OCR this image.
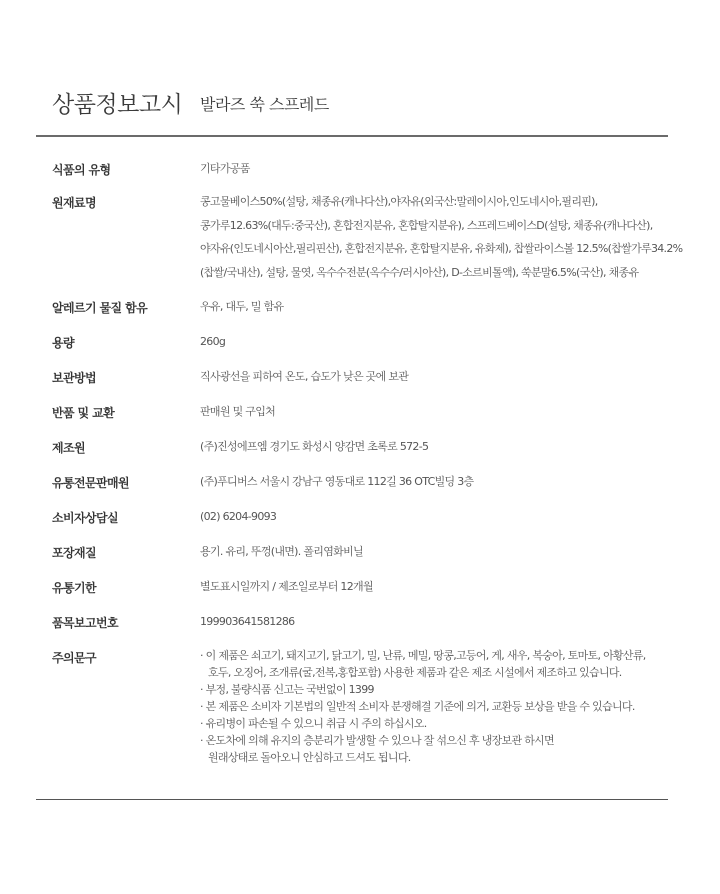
상품정보고시 발라즈 쑥 스프레드
식품의 유형	기타가공품
원재료명	콩고물베이스50%(설탕, 채종유(캐나다산),야자유(외국산:말레이시아,인도네시아,필리핀),
콩가루12.63%(대두:중국산), 혼합전지분유, 혼합탈지분유), 스프레드베이스D(설탕, 채종유(캐나다산),
야자유(인도네시아산,필리핀산), 혼합전지분유, 혼합탈지분유, 유화제), 찹쌀라이스볼 12.5%(찹쌀가루34.2%
(찹쌀/국내산), 설탕, 물엿, 옥수수전분(옥수수/러시아산), D-소르비톨액), 쑥분말6.5%(국산), 채종유
알레르기 물질 함유	우유, 대두, 밀 함유
용량	260g
보관방법	직사광선을 피하여 온도, 습도가 낮은 곳에 보관
반품 및 교환	판매원 및 구입처
제조원	(주)진성에프엠 경기도 화성시 양감면 초록로 572-5
유통전문판매원	(주)푸디버스 서울시 강남구 영동대로 112길 36 OTC빌딩 3층
소비자상담실	(02) 6204-9093
포장재질	용기. 유리, 뚜껑(내면). 폴리염화비닐
유통기한	별도표시일까지 / 제조일로부터 12개월
품목보고번호	19990364158128​6
주의문구	· 이 제품은 쇠고기, 돼지고기, 닭고기, 밀, 난류, 메밀, 땅콩,고등어, 게, 새우, 복숭아, 토마토, 아황산류,
호두, 오징어, 조개류(굴,전복,홍합포함) 사용한 제품과 같은 제조 시설에서 제조하고 있습니다.
· 부정, 불량식품 신고는 국번없이 1399
· 본 제품은 소비자 기본법의 일반적 소비자 분쟁해결 기준에 의거, 교환등 보상을 받을 수 있습니다.
· 유리병이 파손될 수 있으니 취급 시 주의 하십시오.
· 온도차에 의해 유지의 층분리가 발생할 수 있으나 잘 섞으신 후 냉장보관 하시면
원래상태로 돌아오니 안심하고 드셔도 됩니다.
